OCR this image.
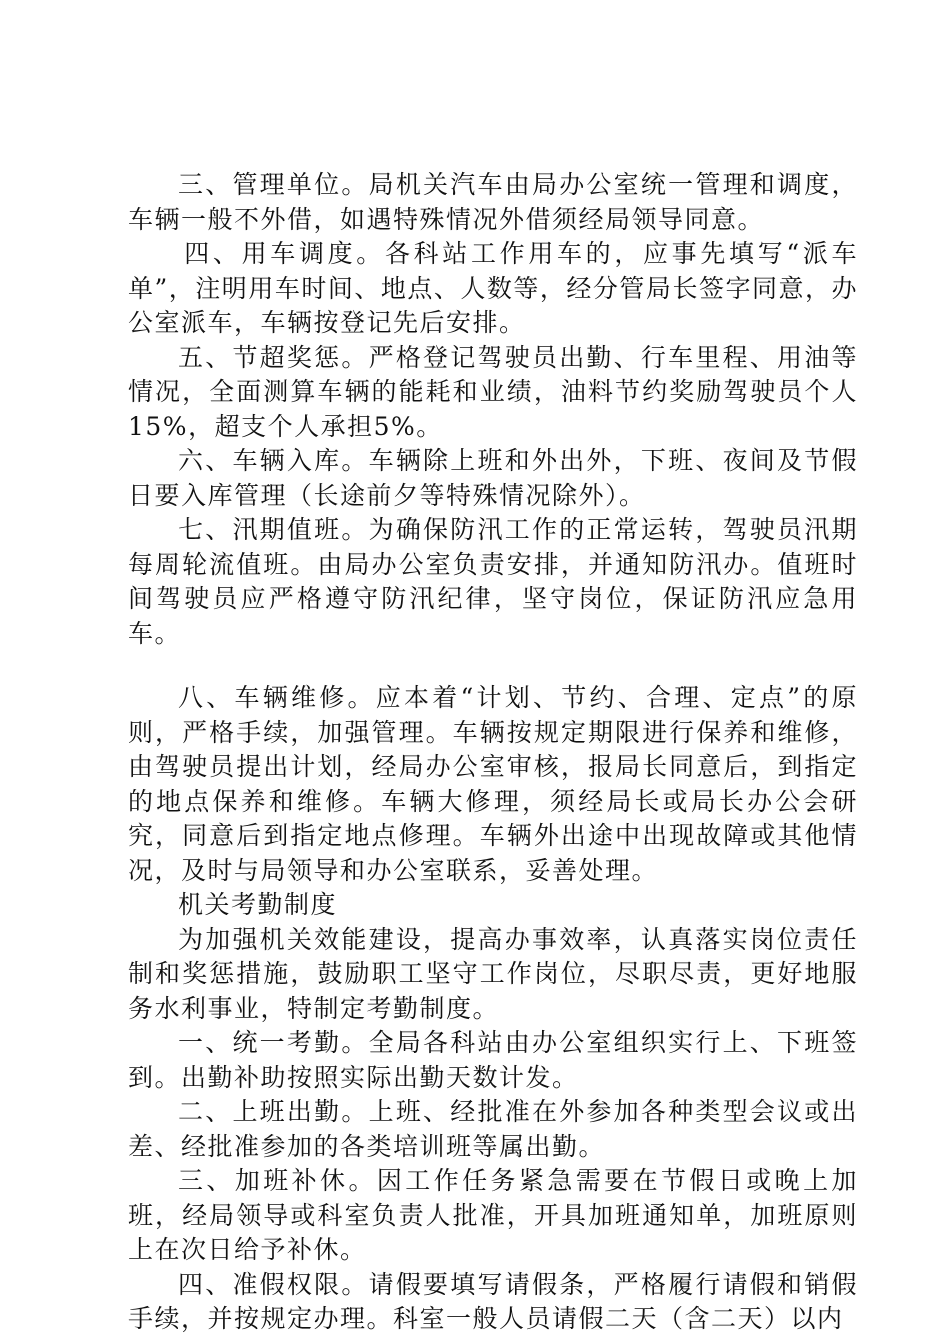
三、管理单位。局机关汽车由局办公室统一管理和调度，车辆一般不外借，如遇特殊情况外借须经局领导同意。

四、用车调度。各科站工作用车的，应事先填写“派车单”，注明用车时间、地点、人数等，经分管局长签字同意，办公室派车，车辆按登记先后安排。

五、节超奖惩。严格登记驾驶员出勤、行车里程、用油等情况，全面测算车辆的能耗和业绩，油料节约奖励驾驶员个人15%，超支个人承担5%。

六、车辆入库。车辆除上班和外出外，下班、夜间及节假日要入库管理（长途前夕等特殊情况除外）。

七、汛期值班。为确保防汛工作的正常运转，驾驶员汛期每周轮流值班。由局办公室负责安排，并通知防汛办。值班时间驾驶员应严格遵守防汛纪律，坚守岗位，保证防汛应急用车。

八、车辆维修。应本着“计划、节约、合理、定点”的原则，严格手续，加强管理。车辆按规定期限进行保养和维修，由驾驶员提出计划，经局办公室审核，报局长同意后，到指定的地点保养和维修。车辆大修理，须经局长或局长办公会研究，同意后到指定地点修理。车辆外出途中出现故障或其他情况，及时与局领导和办公室联系，妥善处理。

机关考勤制度

为加强机关效能建设，提高办事效率，认真落实岗位责任制和奖惩措施，鼓励职工坚守工作岗位，尽职尽责，更好地服务水利事业，特制定考勤制度。

一、统一考勤。全局各科站由办公室组织实行上、下班签到。出勤补助按照实际出勤天数计发。

二、上班出勤。上班、经批准在外参加各种类型会议或出差、经批准参加的各类培训班等属出勤。

三、加班补休。因工作任务紧急需要在节假日或晚上加班，经局领导或科室负责人批准，开具加班通知单，加班原则上在次日给予补休。

四、准假权限。请假要填写请假条，严格履行请假和销假手续，并按规定办理。科室一般人员请假二天（含二天）以内
